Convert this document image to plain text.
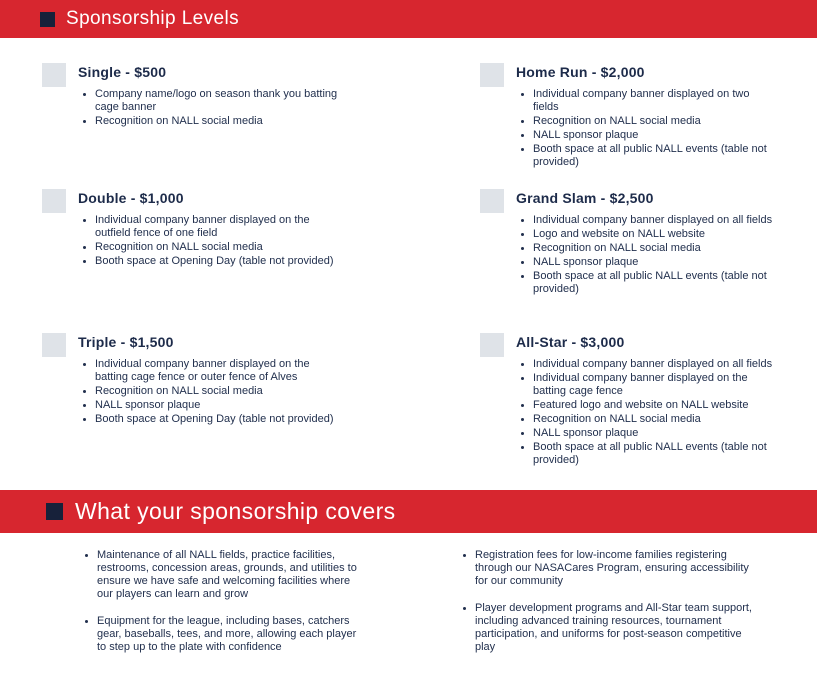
Sponsorship Levels
Single - $500
• Company name/logo on season thank you batting cage banner
• Recognition on NALL social media
Home Run - $2,000
• Individual company banner displayed on two fields
• Recognition on NALL social media
• NALL sponsor plaque
• Booth space at all public NALL events (table not provided)
Double - $1,000
• Individual company banner displayed on the outfield fence of one field
• Recognition on NALL social media
• Booth space at Opening Day (table not provided)
Grand Slam - $2,500
• Individual company banner displayed on all fields
• Logo and website on NALL website
• Recognition on NALL social media
• NALL sponsor plaque
• Booth space at all public NALL events (table not provided)
Triple - $1,500
• Individual company banner displayed on the batting cage fence or outer fence of Alves
• Recognition on NALL social media
• NALL sponsor plaque
• Booth space at Opening Day (table not provided)
All-Star - $3,000
• Individual company banner displayed on all fields
• Individual company banner displayed on the batting cage fence
• Featured logo and website on NALL website
• Recognition on NALL social media
• NALL sponsor plaque
• Booth space at all public NALL events (table not provided)
What your sponsorship covers
• Maintenance of all NALL fields, practice facilities, restrooms, concession areas, grounds, and utilities to ensure we have safe and welcoming facilities where our players can learn and grow
• Equipment for the league, including bases, catchers gear, baseballs, tees, and more, allowing each player to step up to the plate with confidence
• Registration fees for low-income families registering through our NASACares Program, ensuring accessibility for our community
• Player development programs and All-Star team support, including advanced training resources, tournament participation, and uniforms for post-season competitive play
